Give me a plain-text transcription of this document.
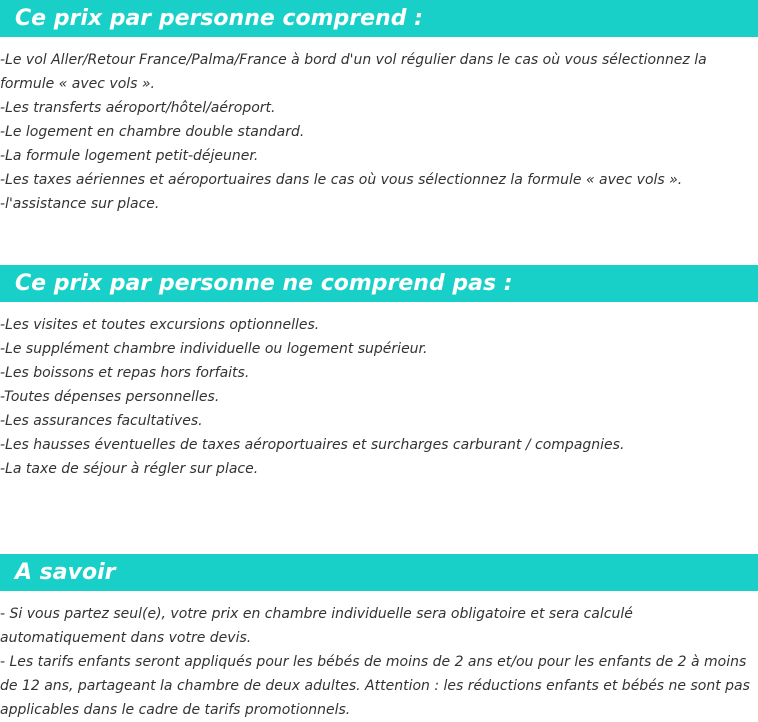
Ce prix par personne comprend :
-Le vol Aller/Retour France/Palma/France à bord d'un vol régulier dans le cas où vous sélectionnez la formule « avec vols ».
-Les transferts aéroport/hôtel/aéroport.
-Le logement en chambre double standard.
-La formule logement petit-déjeuner.
-Les taxes aériennes et aéroportuaires dans le cas où vous sélectionnez la formule « avec vols ».
-l'assistance sur place.
Ce prix par personne ne comprend pas :
-Les visites et toutes excursions optionnelles.
-Le supplément chambre individuelle ou logement supérieur.
-Les boissons et repas hors forfaits.
-Toutes dépenses personnelles.
-Les assurances facultatives.
-Les hausses éventuelles de taxes aéroportuaires et surcharges carburant / compagnies.
-La taxe de séjour à régler sur place.
A savoir
- Si vous partez seul(e), votre prix en chambre individuelle sera obligatoire et sera calculé automatiquement dans votre devis.
- Les tarifs enfants seront appliqués pour les bébés de moins de 2 ans et/ou pour les enfants de 2 à moins de 12 ans, partageant la chambre de deux adultes. Attention : les réductions enfants et bébés ne sont pas applicables dans le cadre de tarifs promotionnels.
